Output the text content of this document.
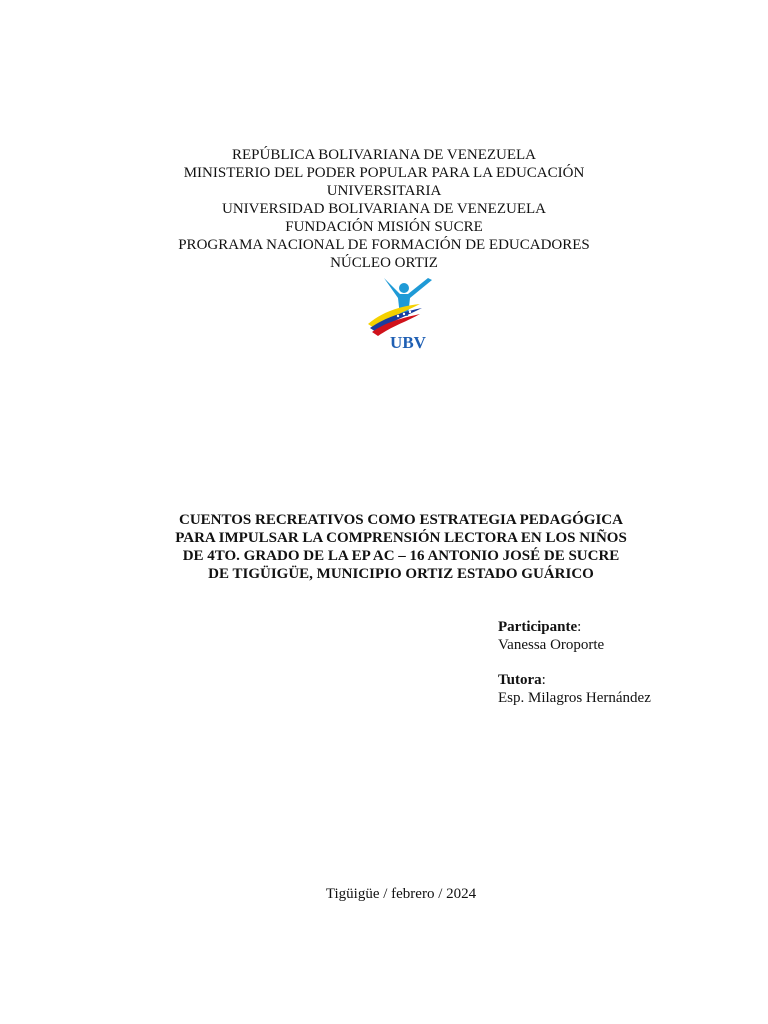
REPÚBLICA BOLIVARIANA DE VENEZUELA
MINISTERIO DEL PODER POPULAR PARA LA EDUCACIÓN
UNIVERSITARIA
UNIVERSIDAD BOLIVARIANA DE VENEZUELA
FUNDACIÓN MISIÓN SUCRE
PROGRAMA NACIONAL DE FORMACIÓN DE EDUCADORES
NÚCLEO ORTIZ
UBV
CUENTOS RECREATIVOS COMO ESTRATEGIA PEDAGÓGICA
PARA IMPULSAR LA COMPRENSIÓN LECTORA EN LOS NIÑOS
DE 4TO. GRADO DE LA EP AC – 16 ANTONIO JOSÉ DE SUCRE
DE TIGÜIGÜE, MUNICIPIO ORTIZ ESTADO GUÁRICO
Participante:
Vanessa Oroporte
Tutora:
Esp. Milagros Hernández
Tigüigüe / febrero / 2024
